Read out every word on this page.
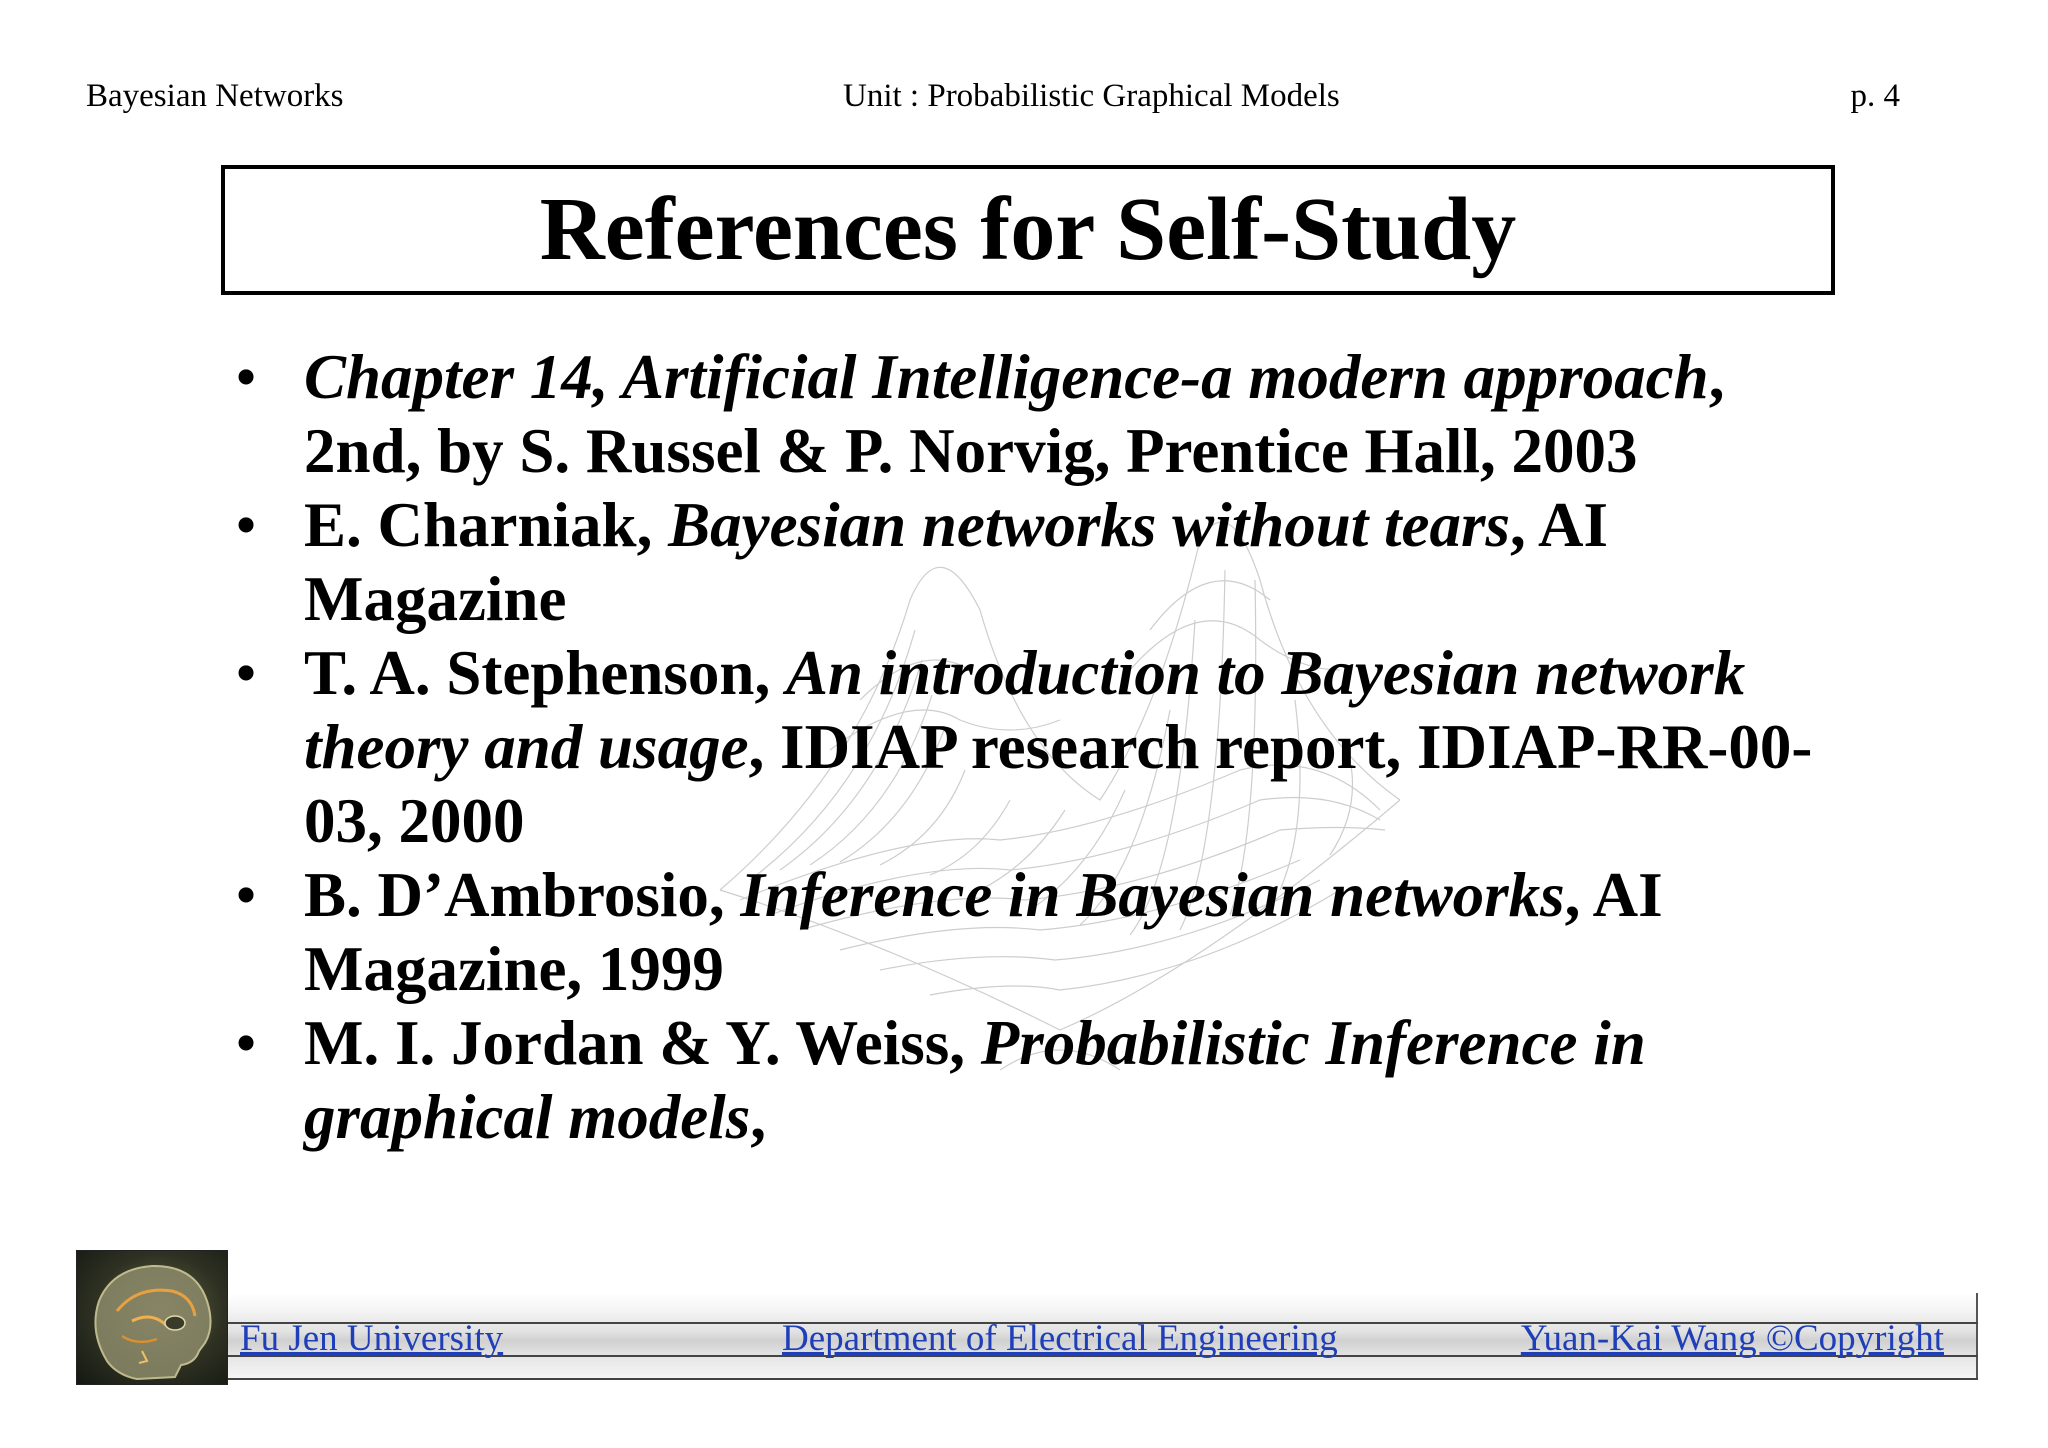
Bayesian Networks	Unit : Probabilistic Graphical Models	p. 4
References for Self-Study
• Chapter 14, Artificial Intelligence-a modern approach, 2nd, by S. Russel & P. Norvig, Prentice Hall, 2003
• E. Charniak, Bayesian networks without tears, AI Magazine
• T. A. Stephenson, An introduction to Bayesian network theory and usage, IDIAP research report, IDIAP-RR-00-03, 2000
• B. D’Ambrosio, Inference in Bayesian networks, AI Magazine, 1999
• M. I. Jordan & Y. Weiss, Probabilistic Inference in graphical models,
Fu Jen University	Department of Electrical Engineering	Yuan-Kai Wang ©Copyright
